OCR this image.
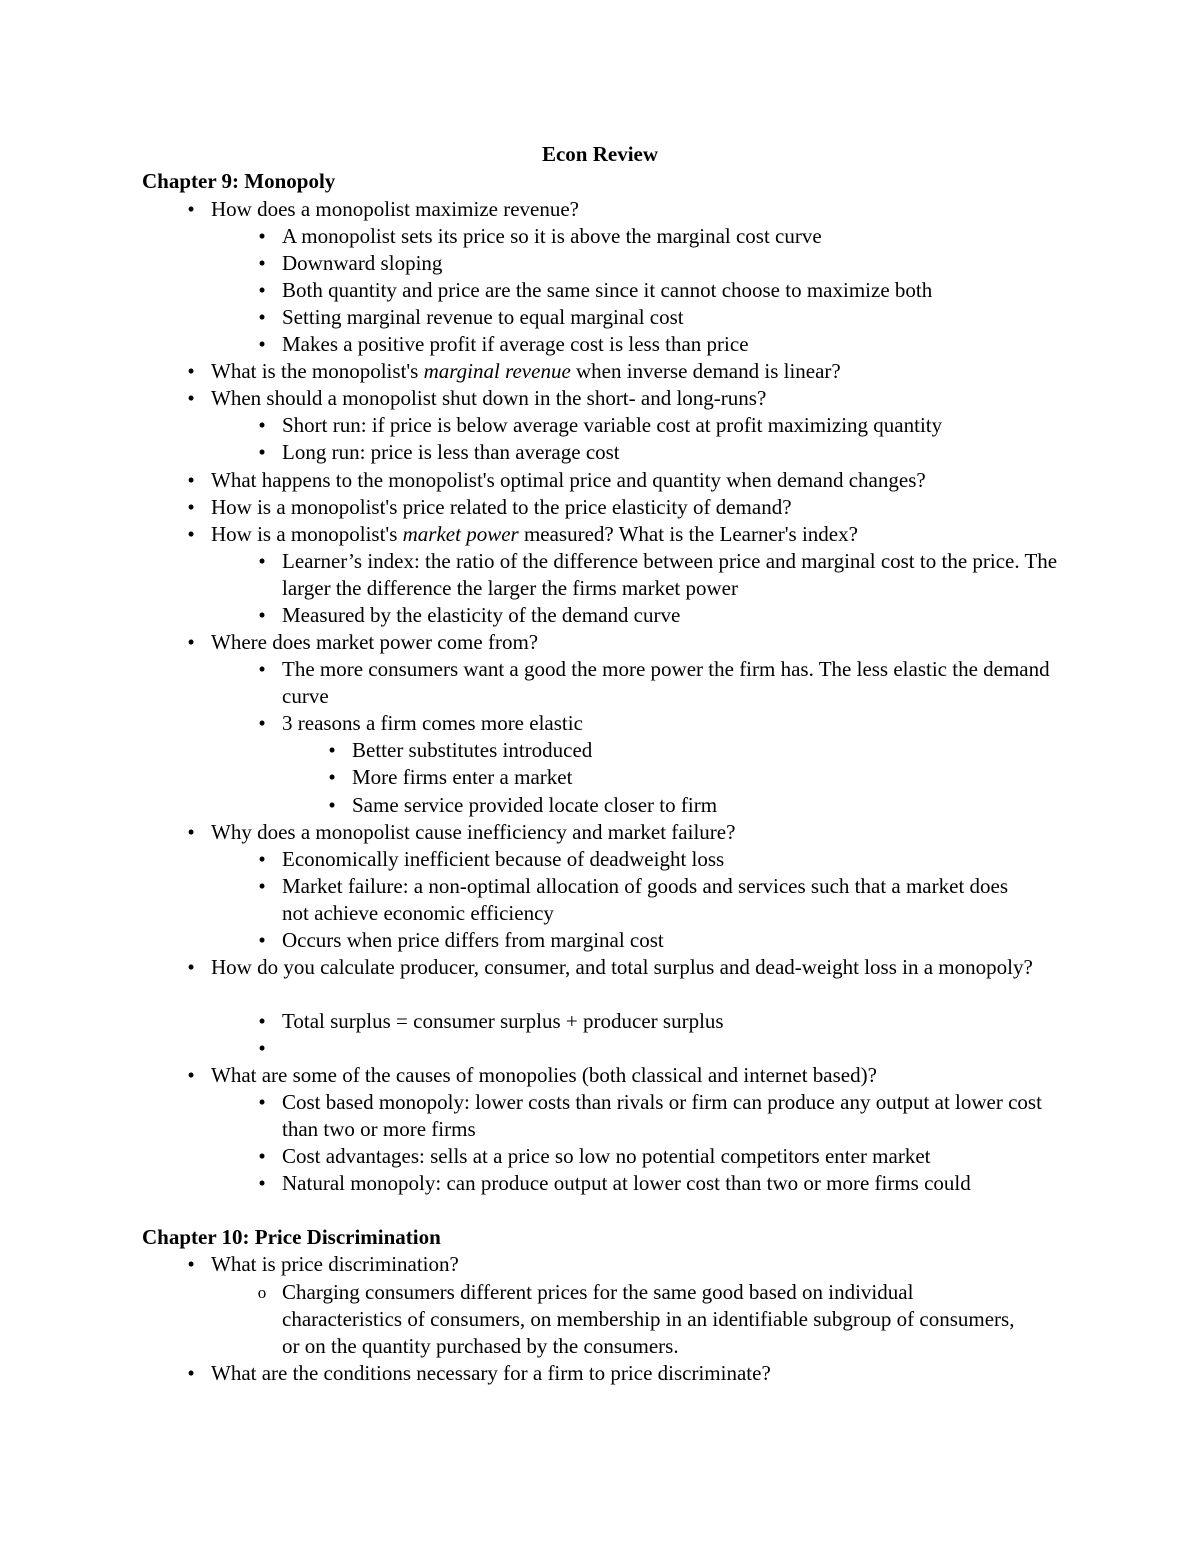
Econ Review
Chapter 9: Monopoly
• How does a monopolist maximize revenue?
• A monopolist sets its price so it is above the marginal cost curve
• Downward sloping
• Both quantity and price are the same since it cannot choose to maximize both
• Setting marginal revenue to equal marginal cost
• Makes a positive profit if average cost is less than price
• What is the monopolist's marginal revenue when inverse demand is linear?
• When should a monopolist shut down in the short- and long-runs?
• Short run: if price is below average variable cost at profit maximizing quantity
• Long run: price is less than average cost
• What happens to the monopolist's optimal price and quantity when demand changes?
• How is a monopolist's price related to the price elasticity of demand?
• How is a monopolist's market power measured? What is the Learner's index?
• Learner’s index: the ratio of the difference between price and marginal cost to the price. The larger the difference the larger the firms market power
• Measured by the elasticity of the demand curve
• Where does market power come from?
• The more consumers want a good the more power the firm has. The less elastic the demand curve
• 3 reasons a firm comes more elastic
• Better substitutes introduced
• More firms enter a market
• Same service provided locate closer to firm
• Why does a monopolist cause inefficiency and market failure?
• Economically inefficient because of deadweight loss
• Market failure: a non-optimal allocation of goods and services such that a market does not achieve economic efficiency
• Occurs when price differs from marginal cost
• How do you calculate producer, consumer, and total surplus and dead-weight loss in a monopoly?
• Total surplus = consumer surplus + producer surplus
•
• What are some of the causes of monopolies (both classical and internet based)?
• Cost based monopoly: lower costs than rivals or firm can produce any output at lower cost than two or more firms
• Cost advantages: sells at a price so low no potential competitors enter market
• Natural monopoly: can produce output at lower cost than two or more firms could
Chapter 10: Price Discrimination
• What is price discrimination?
o Charging consumers different prices for the same good based on individual characteristics of consumers, on membership in an identifiable subgroup of consumers, or on the quantity purchased by the consumers.
• What are the conditions necessary for a firm to price discriminate?
